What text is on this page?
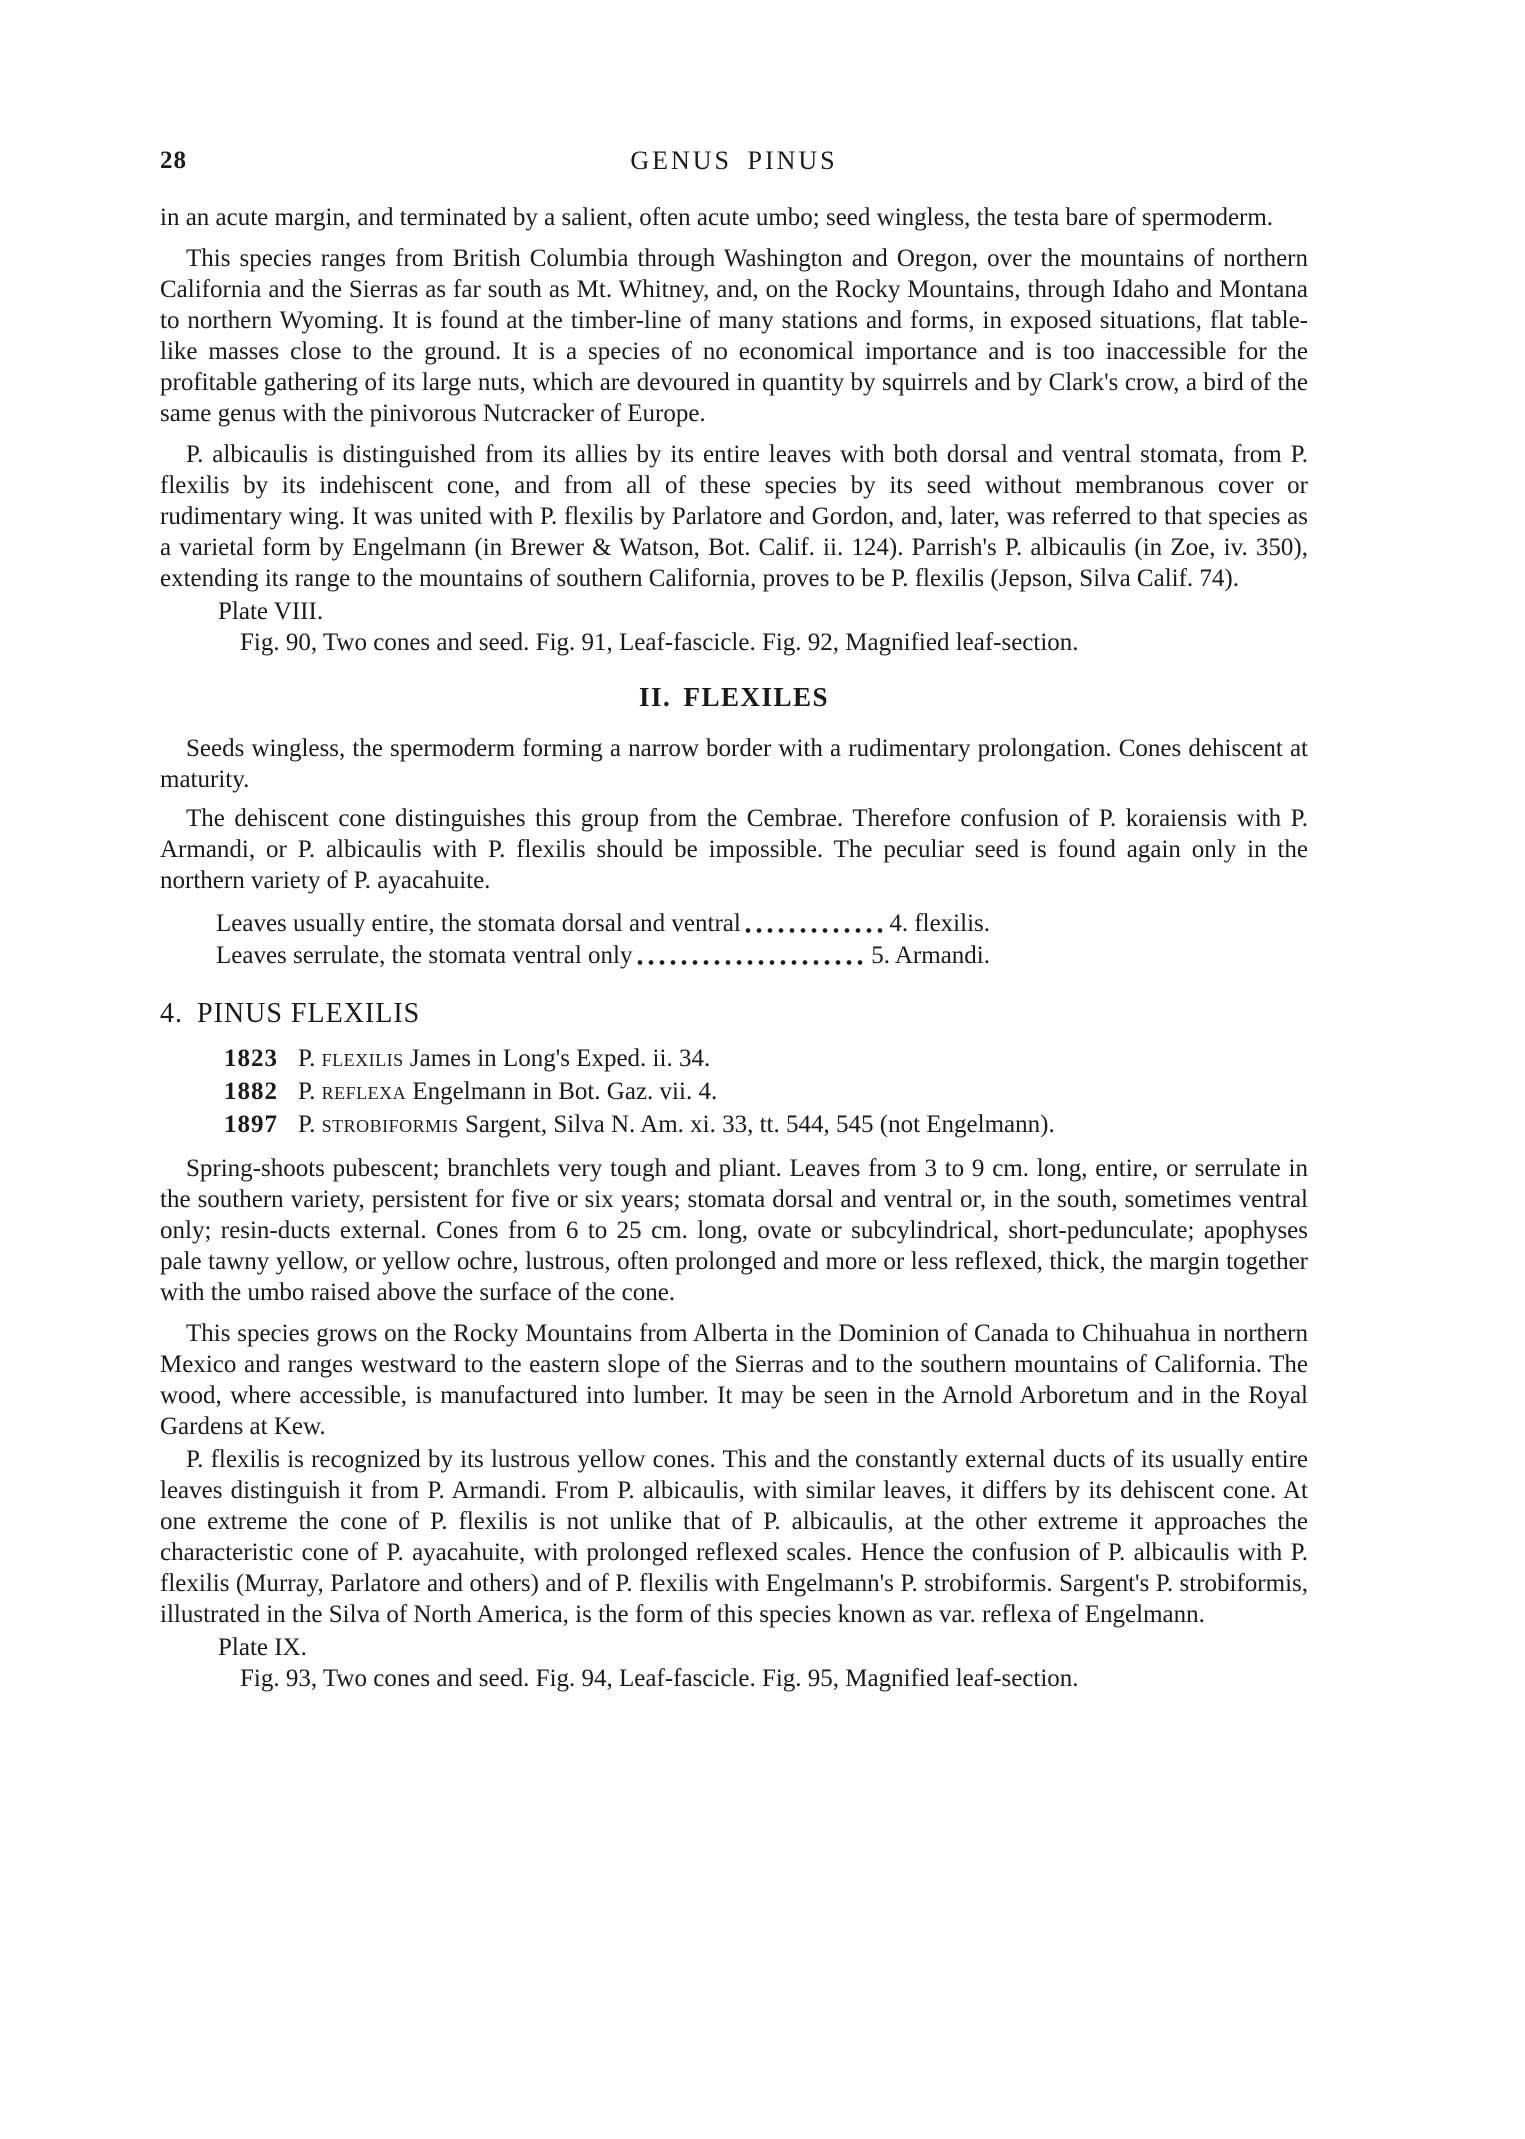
28	GENUS PINUS

in an acute margin, and terminated by a salient, often acute umbo; seed wingless, the testa bare of spermoderm.

This species ranges from British Columbia through Washington and Oregon, over the mountains of northern California and the Sierras as far south as Mt. Whitney, and, on the Rocky Mountains, through Idaho and Montana to northern Wyoming. It is found at the timber-line of many stations and forms, in exposed situations, flat table-like masses close to the ground. It is a species of no economical importance and is too inaccessible for the profitable gathering of its large nuts, which are devoured in quantity by squirrels and by Clark's crow, a bird of the same genus with the pinivorous Nutcracker of Europe.

P. albicaulis is distinguished from its allies by its entire leaves with both dorsal and ventral stomata, from P. flexilis by its indehiscent cone, and from all of these species by its seed without membranous cover or rudimentary wing. It was united with P. flexilis by Parlatore and Gordon, and, later, was referred to that species as a varietal form by Engelmann (in Brewer & Watson, Bot. Calif. ii. 124). Parrish's P. albicaulis (in Zoe, iv. 350), extending its range to the mountains of southern California, proves to be P. flexilis (Jepson, Silva Calif. 74).

Plate VIII.
Fig. 90, Two cones and seed. Fig. 91, Leaf-fascicle. Fig. 92, Magnified leaf-section.
II. FLEXILES

Seeds wingless, the spermoderm forming a narrow border with a rudimentary prolongation. Cones dehiscent at maturity.

The dehiscent cone distinguishes this group from the Cembrae. Therefore confusion of P. koraiensis with P. Armandi, or P. albicaulis with P. flexilis should be impossible. The peculiar seed is found again only in the northern variety of P. ayacahuite.

Leaves usually entire, the stomata dorsal and ventral	4. flexilis.
Leaves serrulate, the stomata ventral only	5. Armandi.
4. PINUS FLEXILIS
1823 P. flexilis James in Long's Exped. ii. 34.
1882 P. reflexa Engelmann in Bot. Gaz. vii. 4.
1897 P. strobiformis Sargent, Silva N. Am. xi. 33, tt. 544, 545 (not Engelmann).

Spring-shoots pubescent; branchlets very tough and pliant. Leaves from 3 to 9 cm. long, entire, or serrulate in the southern variety, persistent for five or six years; stomata dorsal and ventral or, in the south, sometimes ventral only; resin-ducts external. Cones from 6 to 25 cm. long, ovate or subcylindrical, short-pedunculate; apophyses pale tawny yellow, or yellow ochre, lustrous, often prolonged and more or less reflexed, thick, the margin together with the umbo raised above the surface of the cone.

This species grows on the Rocky Mountains from Alberta in the Dominion of Canada to Chihuahua in northern Mexico and ranges westward to the eastern slope of the Sierras and to the southern mountains of California. The wood, where accessible, is manufactured into lumber. It may be seen in the Arnold Arboretum and in the Royal Gardens at Kew.

P. flexilis is recognized by its lustrous yellow cones. This and the constantly external ducts of its usually entire leaves distinguish it from P. Armandi. From P. albicaulis, with similar leaves, it differs by its dehiscent cone. At one extreme the cone of P. flexilis is not unlike that of P. albicaulis, at the other extreme it approaches the characteristic cone of P. ayacahuite, with prolonged reflexed scales. Hence the confusion of P. albicaulis with P. flexilis (Murray, Parlatore and others) and of P. flexilis with Engelmann's P. strobiformis. Sargent's P. strobiformis, illustrated in the Silva of North America, is the form of this species known as var. reflexa of Engelmann.

Plate IX.
Fig. 93, Two cones and seed. Fig. 94, Leaf-fascicle. Fig. 95, Magnified leaf-section.
